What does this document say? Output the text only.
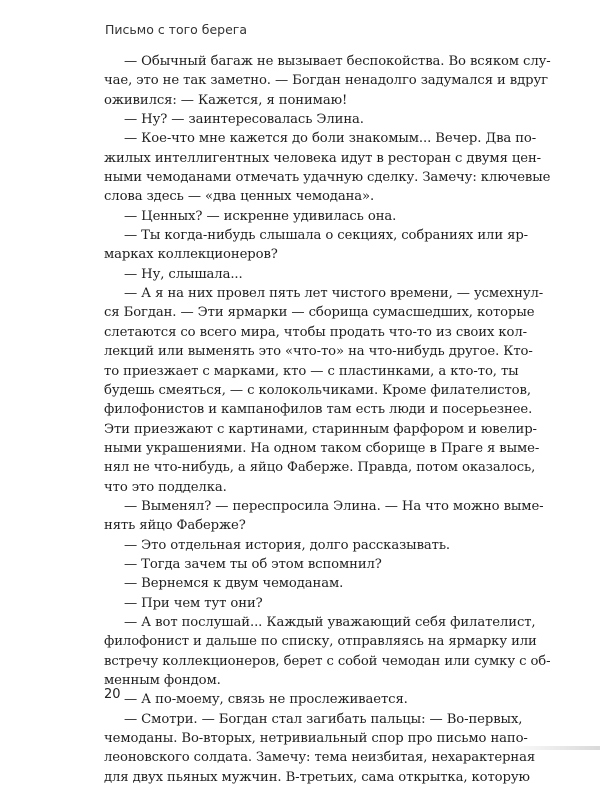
Письмо с того берега
— Обычный багаж не вызывает беспокойства. Во всяком слу-
чае, это не так заметно. — Богдан ненадолго задумался и вдруг
оживился: — Кажется, я понимаю!
— Ну? — заинтересовалась Элина.
— Кое-что мне кажется до боли знакомым... Вечер. Два по-
жилых интеллигентных человека идут в ресторан с двумя цен-
ными чемоданами отмечать удачную сделку. Замечу: ключевые
слова здесь — «два ценных чемодана».
— Ценных? — искренне удивилась она.
— Ты когда-нибудь слышала о секциях, собраниях или яр-
марках коллекционеров?
— Ну, слышала...
— А я на них провел пять лет чистого времени, — усмехнул-
ся Богдан. — Эти ярмарки — сборища сумасшедших, которые
слетаются со всего мира, чтобы продать что-то из своих кол-
лекций или выменять это «что-то» на что-нибудь другое. Кто-
то приезжает с марками, кто — с пластинками, а кто-то, ты
будешь смеяться, — с колокольчиками. Кроме филателистов,
филофонистов и кампанофилов там есть люди и посерьезнее.
Эти приезжают с картинами, старинным фарфором и ювелир-
ными украшениями. На одном таком сборище в Праге я выме-
нял не что-нибудь, а яйцо Фаберже. Правда, потом оказалось,
что это подделка.
— Выменял? — переспросила Элина. — На что можно выме-
нять яйцо Фаберже?
— Это отдельная история, долго рассказывать.
— Тогда зачем ты об этом вспомнил?
— Вернемся к двум чемоданам.
— При чем тут они?
— А вот послушай... Каждый уважающий себя филателист,
филофонист и дальше по списку, отправляясь на ярмарку или
встречу коллекционеров, берет с собой чемодан или сумку с об-
менным фондом.
— А по-моему, связь не прослеживается.
— Смотри. — Богдан стал загибать пальцы: — Во-первых,
чемоданы. Во-вторых, нетривиальный спор про письмо напо-
леоновского солдата. Замечу: тема неизбитая, нехарактерная
для двух пьяных мужчин. В-третьих, сама открытка, которую
20
